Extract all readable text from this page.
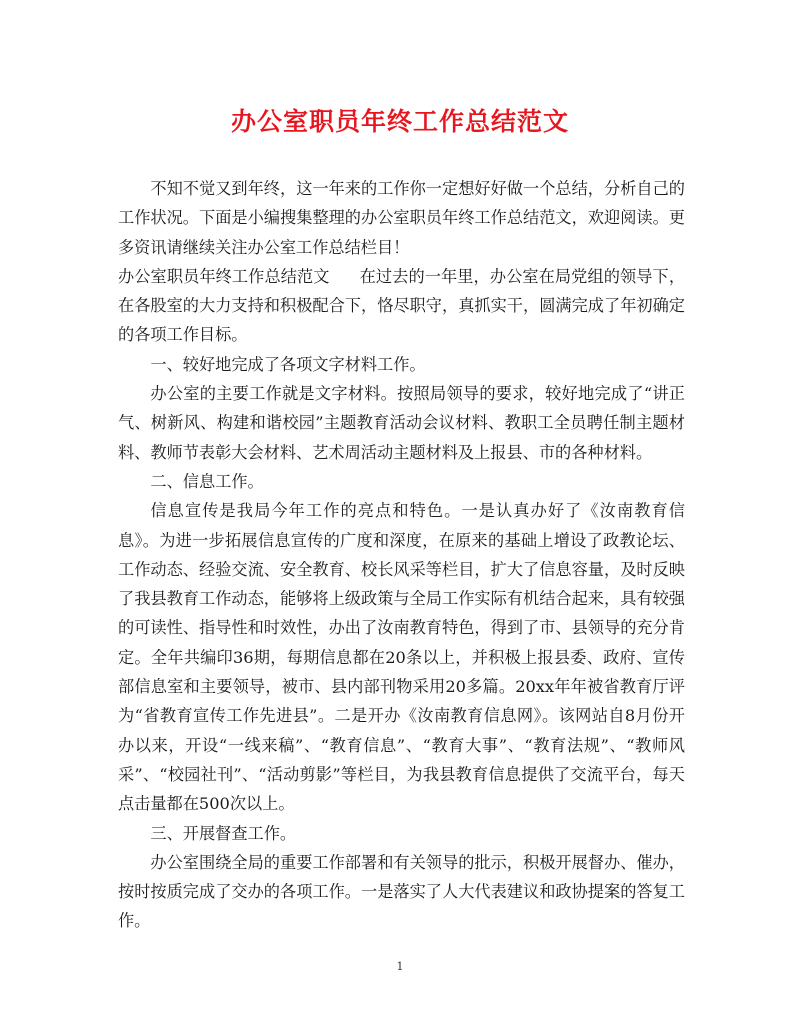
办公室职员年终工作总结范文

不知不觉又到年终，这一年来的工作你一定想好好做一个总结，分析自己的工作状况。下面是小编搜集整理的办公室职员年终工作总结范文，欢迎阅读。更多资讯请继续关注办公室工作总结栏目！

办公室职员年终工作总结范文 在过去的一年里，办公室在局党组的领导下，在各股室的大力支持和积极配合下，恪尽职守，真抓实干，圆满完成了年初确定的各项工作目标。

一、较好地完成了各项文字材料工作。

办公室的主要工作就是文字材料。按照局领导的要求，较好地完成了“讲正气、树新风、构建和谐校园”主题教育活动会议材料、教职工全员聘任制主题材料、教师节表彰大会材料、艺术周活动主题材料及上报县、市的各种材料。

二、信息工作。

信息宣传是我局今年工作的亮点和特色。一是认真办好了《汝南教育信息》。为进一步拓展信息宣传的广度和深度，在原来的基础上增设了政教论坛、工作动态、经验交流、安全教育、校长风采等栏目，扩大了信息容量，及时反映了我县教育工作动态，能够将上级政策与全局工作实际有机结合起来，具有较强的可读性、指导性和时效性，办出了汝南教育特色，得到了市、县领导的充分肯定。全年共编印36期，每期信息都在20条以上，并积极上报县委、政府、宣传部信息室和主要领导，被市、县内部刊物采用20多篇。20xx年年被省教育厅评为“省教育宣传工作先进县”。二是开办《汝南教育信息网》。该网站自8月份开办以来，开设“一线来稿”、“教育信息”、“教育大事”、“教育法规”、“教师风采”、“校园社刊”、“活动剪影”等栏目，为我县教育信息提供了交流平台，每天点击量都在500次以上。

三、开展督查工作。

办公室围绕全局的重要工作部署和有关领导的批示，积极开展督办、催办，按时按质完成了交办的各项工作。一是落实了人大代表建议和政协提案的答复工作。

1
